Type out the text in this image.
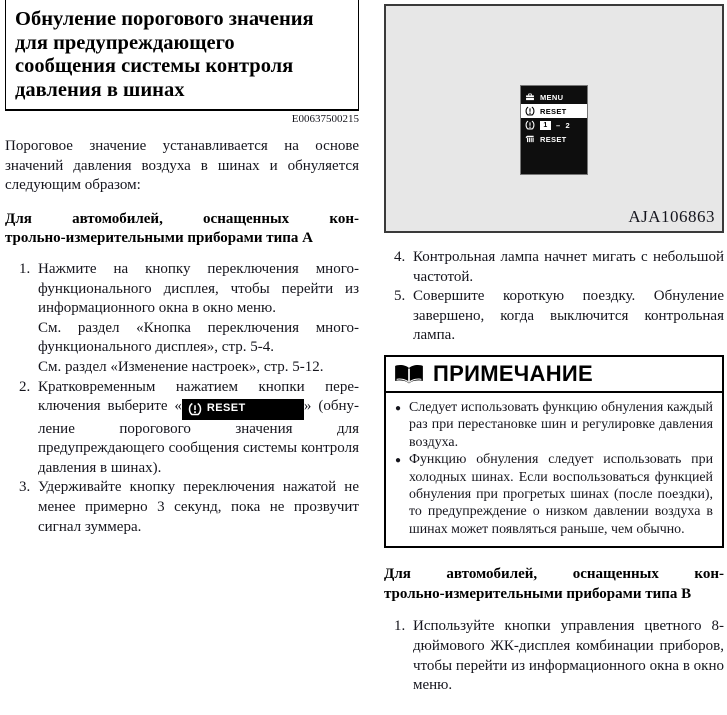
Обнуление порогового значения
для предупреждающего
сообщения системы контроля
давления в шинах
E00637500215
Пороговое значение устанавливается на основе значений давления воздуха в шинах и обнуляется следующим образом:
Для автомобилей, оснащенных кон-
трольно-измерительными приборами типа A
1. Нажмите на кнопку переключения многофункционального дисплея, чтобы перейти из информационного окна в окно меню.
См. раздел «Кнопка переключения многофункционального дисплея», стр. 5-4.
См. раздел «Изменение настроек», стр. 5-12.
2. Кратковременным нажатием кнопки переключения выберите « RESET	» (обнуление порогового значения для предупреждающего сообщения системы контроля давления в шинах).
3. Удерживайте кнопку переключения нажатой не менее примерно 3 секунд, пока не прозвучит сигнал зуммера.
MENU
RESET
1	– 2
RESET
AJA106863
4. Контрольная лампа начнет мигать с небольшой частотой.
5. Совершите короткую поездку. Обнуление завершено, когда выключится контрольная лампа.
ПРИМЕЧАНИЕ
● Следует использовать функцию обнуления каждый раз при перестановке шин и регулировке давления воздуха.
● Функцию обнуления следует использовать при холодных шинах. Если воспользоваться функцией обнуления при прогретых шинах (после поездки), то предупреждение о низком давлении воздуха в шинах может появляться раньше, чем обычно.
Для автомобилей, оснащенных кон-
трольно-измерительными приборами типа B
1. Используйте кнопки управления цветного 8-дюймового ЖК-дисплея комбинации приборов, чтобы перейти из информационного окна в окно меню.
